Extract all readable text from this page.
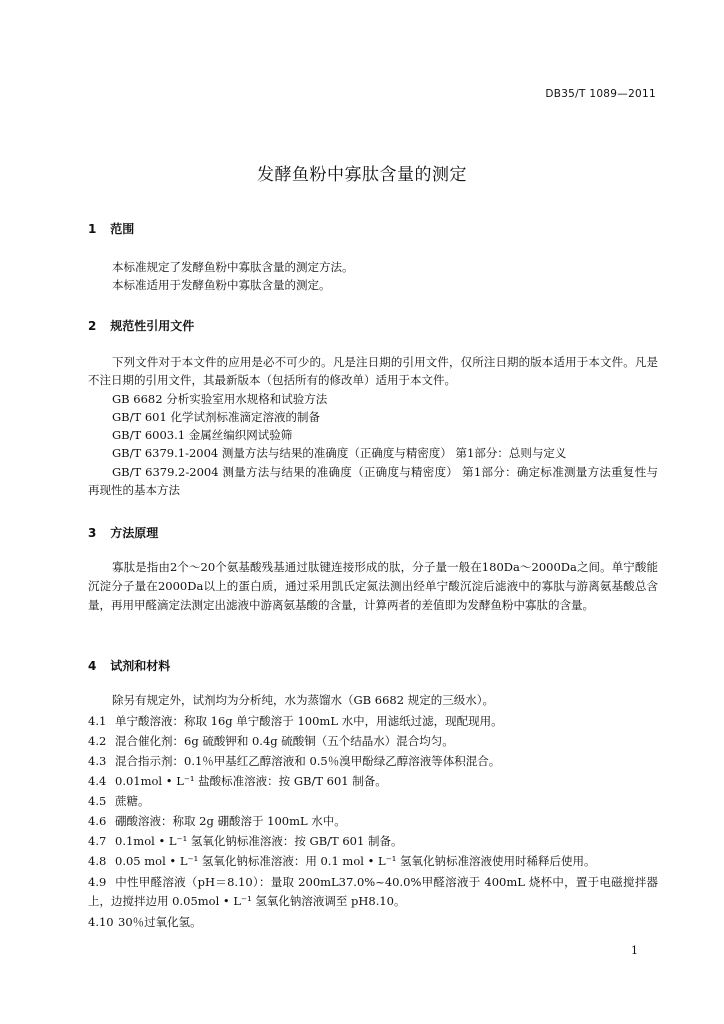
DB35/T 1089—2011
发酵鱼粉中寡肽含量的测定
1 范围
本标准规定了发酵鱼粉中寡肽含量的测定方法。
本标准适用于发酵鱼粉中寡肽含量的测定。
2 规范性引用文件
下列文件对于本文件的应用是必不可少的。凡是注日期的引用文件，仅所注日期的版本适用于本文件。凡是不注日期的引用文件，其最新版本（包括所有的修改单）适用于本文件。
GB 6682 分析实验室用水规格和试验方法
GB/T 601 化学试剂标准滴定溶液的制备
GB/T 6003.1 金属丝编织网试验筛
GB/T 6379.1-2004 测量方法与结果的准确度（正确度与精密度） 第1部分：总则与定义
GB/T 6379.2-2004 测量方法与结果的准确度（正确度与精密度） 第1部分：确定标准测量方法重复性与再现性的基本方法
3 方法原理
寡肽是指由2个～20个氨基酸残基通过肽键连接形成的肽，分子量一般在180Da～2000Da之间。单宁酸能沉淀分子量在2000Da以上的蛋白质，通过采用凯氏定氮法测出经单宁酸沉淀后滤液中的寡肽与游离氨基酸总含量，再用甲醛滴定法测定出滤液中游离氨基酸的含量，计算两者的差值即为发酵鱼粉中寡肽的含量。
4 试剂和材料
除另有规定外，试剂均为分析纯，水为蒸馏水（GB 6682 规定的三级水）。
4.1 单宁酸溶液：称取 16g 单宁酸溶于 100mL 水中，用滤纸过滤，现配现用。
4.2 混合催化剂：6g 硫酸钾和 0.4g 硫酸铜（五个结晶水）混合均匀。
4.3 混合指示剂：0.1％甲基红乙醇溶液和 0.5％溴甲酚绿乙醇溶液等体积混合。
4.4 0.01mol • L⁻¹ 盐酸标准溶液：按 GB/T 601 制备。
4.5 蔗糖。
4.6 硼酸溶液：称取 2g 硼酸溶于 100mL 水中。
4.7 0.1mol • L⁻¹ 氢氧化钠标准溶液：按 GB/T 601 制备。
4.8 0.05 mol • L⁻¹ 氢氧化钠标准溶液：用 0.1 mol • L⁻¹ 氢氧化钠标准溶液使用时稀释后使用。
4.9 中性甲醛溶液（pH＝8.10）：量取 200mL37.0%~40.0%甲醛溶液于 400mL 烧杯中，置于电磁搅拌器上，边搅拌边用 0.05mol • L⁻¹ 氢氧化钠溶液调至 pH8.10。
4.10 30％过氧化氢。
1
